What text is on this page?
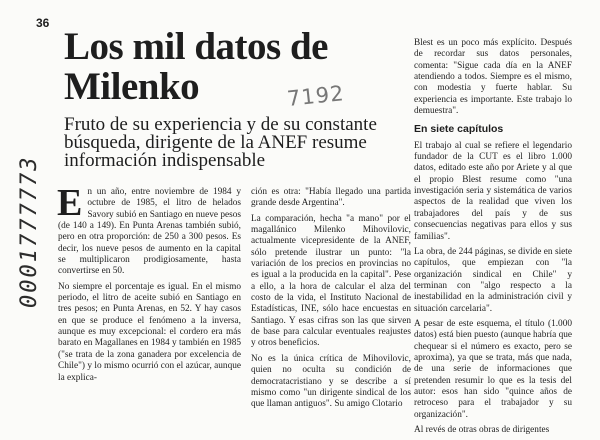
36
Los mil datos de Milenko	7192

Fruto de su experiencia y de su constante búsqueda, dirigente de la ANEF resume información indispensable

0001777773 En un año, entre noviembre de 1984 y octubre de 1985, el litro de helados Savory subió en Santiago en nueve pesos (de 140 a 149). En Punta Arenas también subió, pero en otra proporción: de 250 a 300 pesos. Es decir, los nueve pesos de aumento en la capital se multiplicaron prodigiosamente, hasta convertirse en 50.

No siempre el porcentaje es igual. En el mismo periodo, el litro de aceite subió en Santiago en tres pesos; en Punta Arenas, en 52. Y hay casos en que se produce el fenómeno a la inversa, aunque es muy excepcional: el cordero era más barato en Magallanes en 1984 y también en 1985 ("se trata de la zona ganadera por excelencia de Chile") y lo mismo ocurrió con el azúcar, aunque la explica-

ción es otra: "Había llegado una partida grande desde Argentina".

La comparación, hecha "a mano" por el magallánico Milenko Mihovilovic, actualmente vicepresidente de la ANEF, sólo pretende ilustrar un punto: "la variación de los precios en provincias no es igual a la producida en la capital". Pese a ello, a la hora de calcular el alza del costo de la vida, el Instituto Nacional de Estadísticas, INE, sólo hace encuestas en Santiago. Y esas cifras son las que sirven de base para calcular eventuales reajustes y otros beneficios.

No es la única crítica de Mihovilovic, quien no oculta su condición de democratacristiano y se describe a sí mismo como "un dirigente sindical de los que llaman antiguos". Su amigo Clotario

Blest es un poco más explícito. Después de recordar sus datos personales, comenta: "Sigue cada día en la ANEF atendiendo a todos. Siempre es el mismo, con modestia y fuerte hablar. Su experiencia es importante. Este trabajo lo demuestra".

En siete capítulos

El trabajo al cual se refiere el legendario fundador de la CUT es el libro 1.000 datos, editado este año por Ariete y al que el propio Blest resume como "una investigación seria y sistemática de varios aspectos de la realidad que viven los trabajadores del país y de sus consecuencias negativas para ellos y sus familias".

La obra, de 244 páginas, se divide en siete capítulos, que empiezan con "la organización sindical en Chile" y terminan con "algo respecto a la inestabilidad en la administración civil y situación carcelaria".

A pesar de este esquema, el título (1.000 datos) está bien puesto (aunque habría que chequear si el número es exacto, pero se aproxima), ya que se trata, más que nada, de una serie de informaciones que pretenden resumir lo que es la tesis del autor: esos han sido "quince años de retroceso para el trabajador y su organización".

Al revés de otras obras de dirigentes
